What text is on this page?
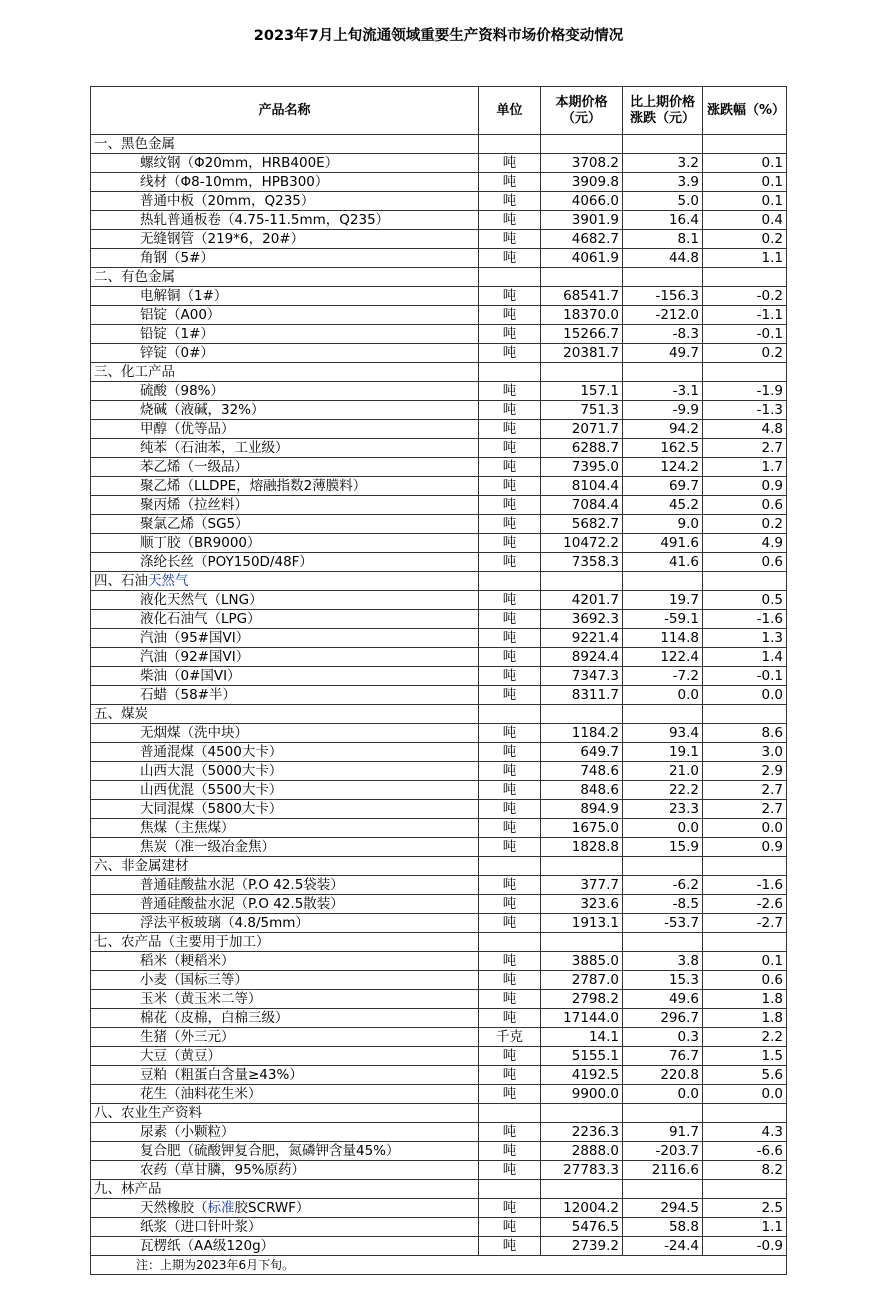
2023年7月上旬流通领域重要生产资料市场价格变动情况
产品名称	单位	本期价格（元）	比上期价格涨跌（元）	涨跌幅（%）
一、黑色金属				
螺纹钢（Φ20mm，HRB400E）	吨	3708.2	3.2	0.1
线材（Φ8-10mm，HPB300）	吨	3909.8	3.9	0.1
普通中板（20mm，Q235）	吨	4066.0	5.0	0.1
热轧普通板卷（4.75-11.5mm，Q235）	吨	3901.9	16.4	0.4
无缝钢管（219*6，20#）	吨	4682.7	8.1	0.2
角钢（5#）	吨	4061.9	44.8	1.1
二、有色金属				
电解铜（1#）	吨	68541.7	-156.3	-0.2
铝锭（A00）	吨	18370.0	-212.0	-1.1
铅锭（1#）	吨	15266.7	-8.3	-0.1
锌锭（0#）	吨	20381.7	49.7	0.2
三、化工产品				
硫酸（98%）	吨	157.1	-3.1	-1.9
烧碱（液碱，32%）	吨	751.3	-9.9	-1.3
甲醇（优等品）	吨	2071.7	94.2	4.8
纯苯（石油苯，工业级）	吨	6288.7	162.5	2.7
苯乙烯（一级品）	吨	7395.0	124.2	1.7
聚乙烯（LLDPE，熔融指数2薄膜料）	吨	8104.4	69.7	0.9
聚丙烯（拉丝料）	吨	7084.4	45.2	0.6
聚氯乙烯（SG5）	吨	5682.7	9.0	0.2
顺丁胶（BR9000）	吨	10472.2	491.6	4.9
涤纶长丝（POY150D/48F）	吨	7358.3	41.6	0.6
四、石油天然气				
液化天然气（LNG）	吨	4201.7	19.7	0.5
液化石油气（LPG）	吨	3692.3	-59.1	-1.6
汽油（95#国VI）	吨	9221.4	114.8	1.3
汽油（92#国VI）	吨	8924.4	122.4	1.4
柴油（0#国VI）	吨	7347.3	-7.2	-0.1
石蜡（58#半）	吨	8311.7	0.0	0.0
五、煤炭				
无烟煤（洗中块）	吨	1184.2	93.4	8.6
普通混煤（4500大卡）	吨	649.7	19.1	3.0
山西大混（5000大卡）	吨	748.6	21.0	2.9
山西优混（5500大卡）	吨	848.6	22.2	2.7
大同混煤（5800大卡）	吨	894.9	23.3	2.7
焦煤（主焦煤）	吨	1675.0	0.0	0.0
焦炭（准一级冶金焦）	吨	1828.8	15.9	0.9
六、非金属建材				
普通硅酸盐水泥（P.O 42.5袋装）	吨	377.7	-6.2	-1.6
普通硅酸盐水泥（P.O 42.5散装）	吨	323.6	-8.5	-2.6
浮法平板玻璃（4.8/5mm）	吨	1913.1	-53.7	-2.7
七、农产品（主要用于加工）				
稻米（粳稻米）	吨	3885.0	3.8	0.1
小麦（国标三等）	吨	2787.0	15.3	0.6
玉米（黄玉米二等）	吨	2798.2	49.6	1.8
棉花（皮棉，白棉三级）	吨	17144.0	296.7	1.8
生猪（外三元）	千克	14.1	0.3	2.2
大豆（黄豆）	吨	5155.1	76.7	1.5
豆粕（粗蛋白含量≥43%）	吨	4192.5	220.8	5.6
花生（油料花生米）	吨	9900.0	0.0	0.0
八、农业生产资料				
尿素（小颗粒）	吨	2236.3	91.7	4.3
复合肥（硫酸钾复合肥，氮磷钾含量45%）	吨	2888.0	-203.7	-6.6
农药（草甘膦，95%原药）	吨	27783.3	2116.6	8.2
九、林产品				
天然橡胶（标准胶SCRWF）	吨	12004.2	294.5	2.5
纸浆（进口针叶浆）	吨	5476.5	58.8	1.1
瓦楞纸（AA级120g）	吨	2739.2	-24.4	-0.9
注：上期为2023年6月下旬。				
